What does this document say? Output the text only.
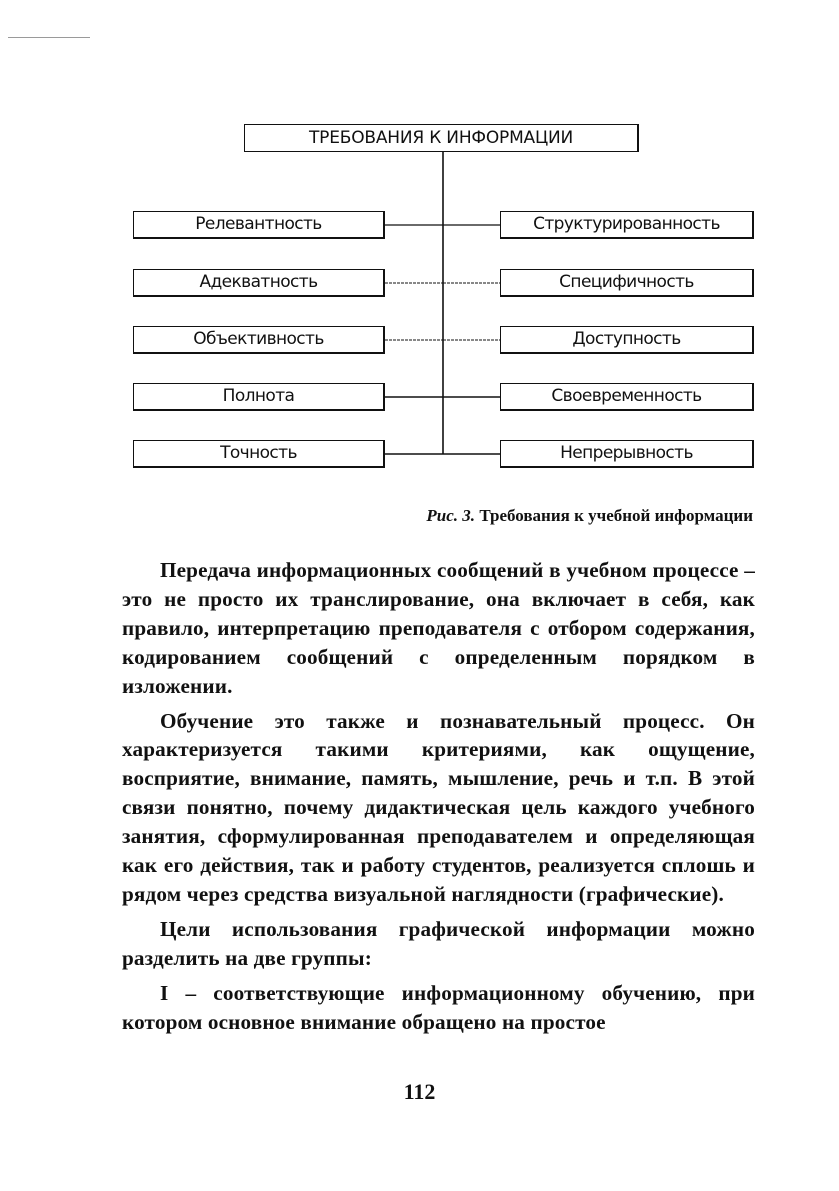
ТРЕБОВАНИЯ К ИНФОРМАЦИИ
Релевантность
Адекватность
Объективность
Полнота
Точность
Структурированность
Специфичность
Доступность
Своевременность
Непрерывность
Рис. 3. Требования к учебной информации

Передача информационных сообщений в учебном процессе – это не просто их транслирование, она включает в себя, как правило, интерпретацию преподавателя с отбором содержания, кодированием сообщений с определенным порядком в изложении.

Обучение это также и познавательный процесс. Он характеризуется такими критериями, как ощущение, восприятие, внимание, память, мышление, речь и т.п. В этой связи понятно, почему дидактическая цель каждого учебного занятия, сформулированная преподавателем и определяющая как его действия, так и работу студентов, реализуется сплошь и рядом через средства визуальной наглядности (графические).

Цели использования графической информации можно разделить на две группы:

I – соответствующие информационному обучению, при котором основное внимание обращено на простое

112
